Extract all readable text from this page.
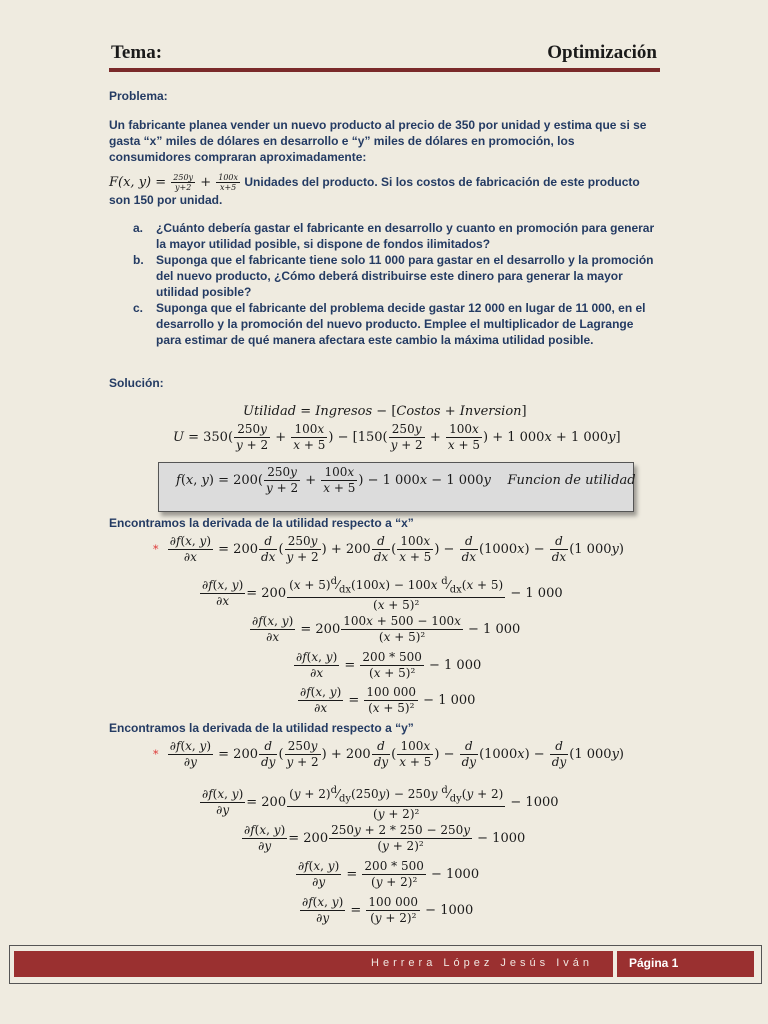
Tema:	Optimización

Problema:

Un fabricante planea vender un nuevo producto al precio de 350 por unidad y estima que si se gasta “x” miles de dólares en desarrollo e “y” miles de dólares en promoción, los consumidores compraran aproximadamente:

F(x, $y) = \frac{250y}{y+2} + \frac{100x}{x+5}$ Unidades del producto. Si los costos de fabricación de este producto son 150 por unidad.

a. ¿Cuánto debería gastar el fabricante en desarrollo y cuanto en promoción para generar la mayor utilidad posible, si dispone de fondos ilimitados?
b. Suponga que el fabricante tiene solo 11 000 para gastar en el desarrollo y la promoción del nuevo producto, ¿Cómo deberá distribuirse este dinero para generar la mayor utilidad posible?
c. Suponga que el fabricante del problema decide gastar 12 000 en lugar de 11 000, en el desarrollo y la promoción del nuevo producto. Emplee el multiplicador de Lagrange para estimar de qué manera afectara este cambio la máxima utilidad posible.
Solución:
Utilidad = Ingresos − [Costos + Inversion]
$U = 350( \frac{250y}{y + 2} + \frac{100x}{x + 5}$ ) − [$150( \frac{250y}{y + 2} + \frac{100x}{x + 5}$ ) + 1 000x + 1 000y]
f(x, $y) = 200( \frac{250y}{y + 2} + \frac{100x}{x + 5}$ ) − 1 000x − 1 000y Funcion de utilidad
Encontramos la derivada de la utilidad respecto a “x”
* $\frac{\partial f(x, y)}{\partial x} = 200 \frac{d}{dx}$ ( $\frac{250y}{y + 2}$ ) + $200 \frac{d}{dx}$ ( $\frac{100x}{x + 5}$ ) − $\frac{d}{dx} (1000x) - \frac{d}{dx} (1$ 000y)
$\frac{\partial f(x, y)}{\partial x} = 200 \frac{(x + 5)^d⁄_{dx}(100x) - 100x ^d⁄_{dx}(x + 5)}{\text{(x + 5)²}} - 1$ 000
$\frac{\partial f(x, y)}{\partial x} = 200 \frac{100x + 500 - 100x}{\text{(x + 5)²}} - 1$ 000
$\frac{\partial f(x, y)}{\partial x} = \frac{200 * 500}{\text{(x + 5)²}} - 1$ 000
$\frac{\partial f(x, y)}{\partial x} = \frac{100 000}{\text{(x + 5)²}} - 1$ 000
Encontramos la derivada de la utilidad respecto a “y”
* $\frac{\partial f(x, y)}{\partial y} = 200 \frac{d}{dy}$ ( $\frac{250y}{y + 2}$ ) + $200 \frac{d}{dy}$ ( $\frac{100x}{x + 5}$ ) − $\frac{d}{dy} (1000x) - \frac{d}{dy} (1$ 000y)
$\frac{\partial f(x, y)}{\partial y} = 200 \frac{(y + 2)^d⁄_{dy}(250y) - 250y ^d⁄_{dy}(y + 2)}{\text{(y + 2)²}} - 1000$
$\frac{\partial f(x, y)}{\partial y} = 200 \frac{250y + 2 * 250 - 250y}{\text{(y + 2)²}} - 1000$
$\frac{\partial f(x, y)}{\partial y} = \frac{200 * 500}{\text{(y + 2)²}} - 1000$
$\frac{\partial f(x, y)}{\partial y} = \frac{100 000}{\text{(y + 2)²}} - 1000$
Herrera López Jesús Iván	Página 1
